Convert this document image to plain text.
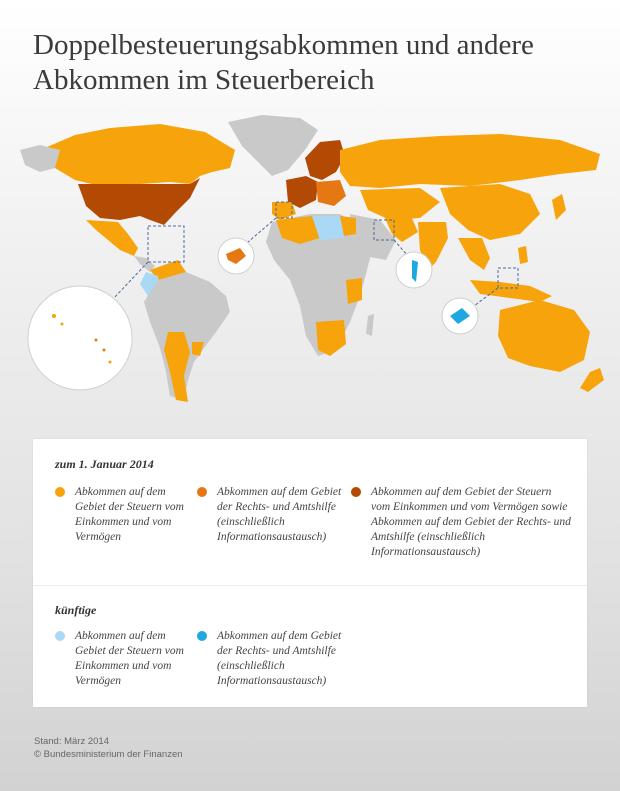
Doppelbesteuerungsabkommen und andere Abkommen im Steuerbereich
zum 1. Januar 2014
Abkommen auf dem Gebiet der Steuern vom Einkommen und vom Vermögen
Abkommen auf dem Gebiet der Rechts- und Amtshilfe (einschließlich Informationsaustausch)
Abkommen auf dem Gebiet der Steuern vom Einkommen und vom Vermögen sowie Abkommen auf dem Gebiet der Rechts- und Amtshilfe (einschließlich Informationsaustausch)
künftige
Abkommen auf dem Gebiet der Steuern vom Einkommen und vom Vermögen
Abkommen auf dem Gebiet der Rechts- und Amtshilfe (einschließlich Informationsaustausch)
Stand: März 2014
© Bundesministerium der Finanzen
